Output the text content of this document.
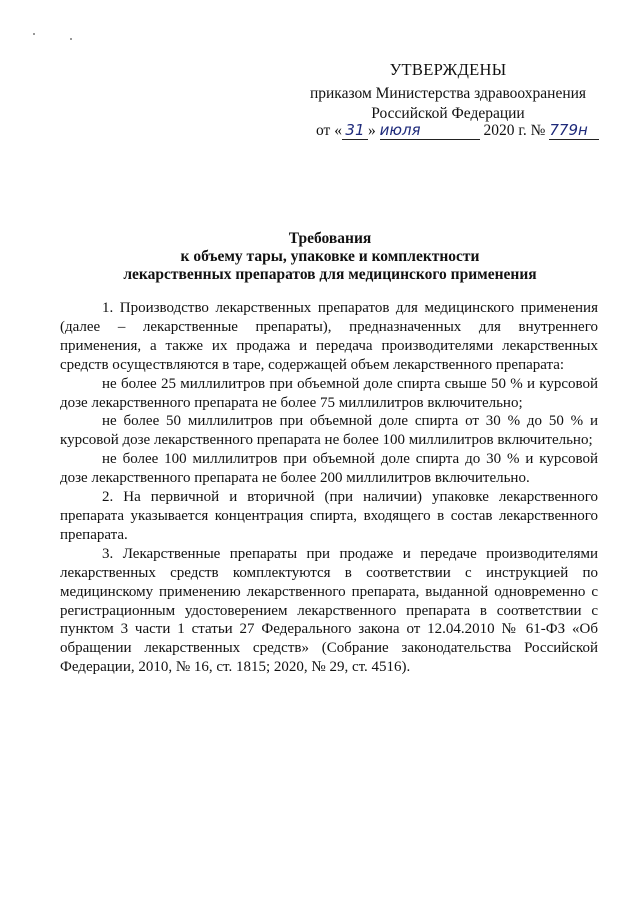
УТВЕРЖДЕНЫ
приказом Министерства здравоохранения
Российской Федерации
от « 31 » июля	2020 г. № 779н
Требования
к объему тары, упаковке и комплектности
лекарственных препаратов для медицинского применения

1. Производство лекарственных препаратов для медицинского применения (далее – лекарственные препараты), предназначенных для внутреннего применения, а также их продажа и передача производителями лекарственных средств осуществляются в таре, содержащей объем лекарственного препарата:

не более 25 миллилитров при объемной доле спирта свыше 50 % и курсовой дозе лекарственного препарата не более 75 миллилитров включительно;

не более 50 миллилитров при объемной доле спирта от 30 % до 50 % и курсовой дозе лекарственного препарата не более 100 миллилитров включительно;

не более 100 миллилитров при объемной доле спирта до 30 % и курсовой дозе лекарственного препарата не более 200 миллилитров включительно.

2. На первичной и вторичной (при наличии) упаковке лекарственного препарата указывается концентрация спирта, входящего в состав лекарственного препарата.

3. Лекарственные препараты при продаже и передаче производителями лекарственных средств комплектуются в соответствии с инструкцией по медицинскому применению лекарственного препарата, выданной одновременно с регистрационным удостоверением лекарственного препарата в соответствии с пунктом 3 части 1 статьи 27 Федерального закона от 12.04.2010 № 61-ФЗ «Об обращении лекарственных средств» (Собрание законодательства Российской Федерации, 2010, № 16, ст. 1815; 2020, № 29, ст. 4516).
